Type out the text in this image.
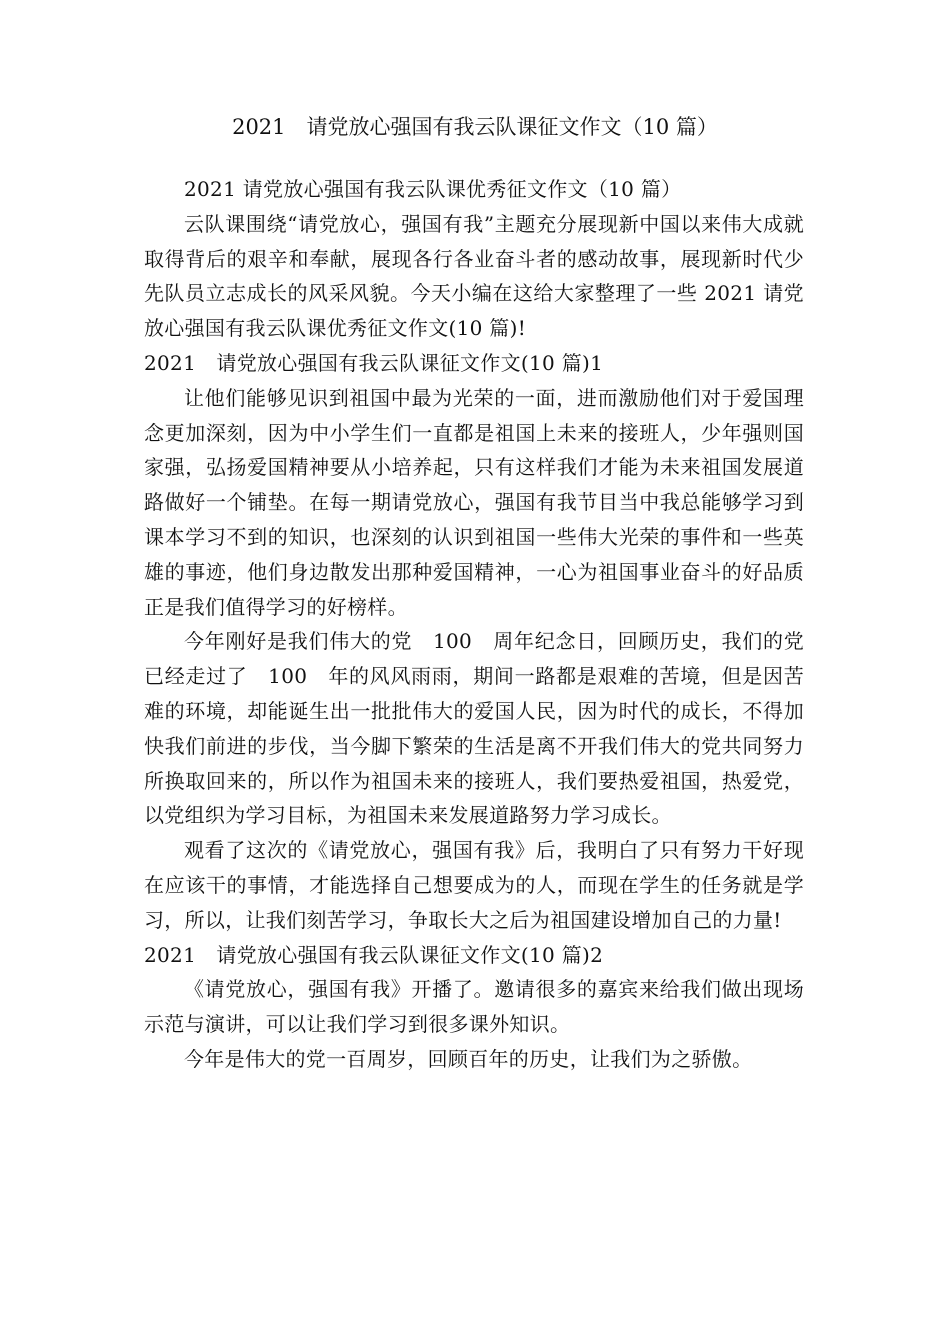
2021　请党放心强国有我云队课征文作文（10 篇）

2021 请党放心强国有我云队课优秀征文作文（10 篇）

云队课围绕“请党放心，强国有我”主题充分展现新中国以来伟大成就取得背后的艰辛和奉献，展现各行各业奋斗者的感动故事，展现新时代少先队员立志成长的风采风貌。今天小编在这给大家整理了一些 2021 请党放心强国有我云队课优秀征文作文(10 篇)!

2021　请党放心强国有我云队课征文作文(10 篇)1

让他们能够见识到祖国中最为光荣的一面，进而激励他们对于爱国理念更加深刻，因为中小学生们一直都是祖国上未来的接班人，少年强则国家强，弘扬爱国精神要从小培养起，只有这样我们才能为未来祖国发展道路做好一个铺垫。在每一期请党放心，强国有我节目当中我总能够学习到课本学习不到的知识，也深刻的认识到祖国一些伟大光荣的事件和一些英雄的事迹，他们身边散发出那种爱国精神，一心为祖国事业奋斗的好品质正是我们值得学习的好榜样。

今年刚好是我们伟大的党　100　周年纪念日，回顾历史，我们的党已经走过了　100　年的风风雨雨，期间一路都是艰难的苦境，但是因苦难的环境，却能诞生出一批批伟大的爱国人民，因为时代的成长，不得加快我们前进的步伐，当今脚下繁荣的生活是离不开我们伟大的党共同努力所换取回来的，所以作为祖国未来的接班人，我们要热爱祖国，热爱党，以党组织为学习目标，为祖国未来发展道路努力学习成长。

观看了这次的《请党放心，强国有我》后，我明白了只有努力干好现在应该干的事情，才能选择自己想要成为的人，而现在学生的任务就是学习，所以，让我们刻苦学习，争取长大之后为祖国建设增加自己的力量!

2021　请党放心强国有我云队课征文作文(10 篇)2

《请党放心，强国有我》开播了。邀请很多的嘉宾来给我们做出现场示范与演讲，可以让我们学习到很多课外知识。

今年是伟大的党一百周岁，回顾百年的历史，让我们为之骄傲。
